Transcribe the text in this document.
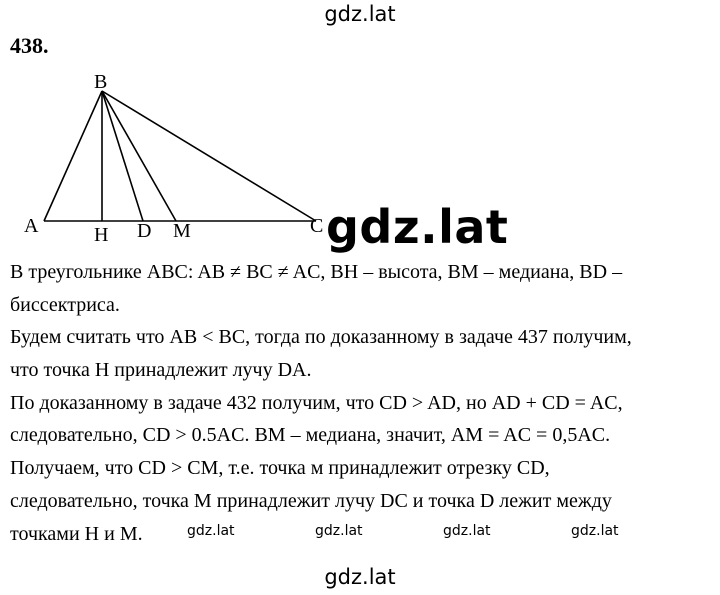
gdz.lat
438.
B
A	H D M	C gdz.lat
В треугольнике ABC: AB ≠ BC ≠ AC, BH – высота, BM – медиана, BD –
биссектриса.
Будем считать что AB < BC, тогда по доказанному в задаче 437 получим,
что точка H принадлежит лучу DA.
По доказанному в задаче 432 получим, что CD > AD, но AD + CD = AC,
следовательно, CD > 0.5AC. BM – медиана, значит, AM = AC = 0,5AC.
Получаем, что CD > CM, т.е. точка м принадлежит отрезку CD,
следовательно, точка M принадлежит лучу DC и точка D лежит между
точками H и M.	gdz.lat	gdz.lat	gdz.lat	gdz.lat
gdz.lat
